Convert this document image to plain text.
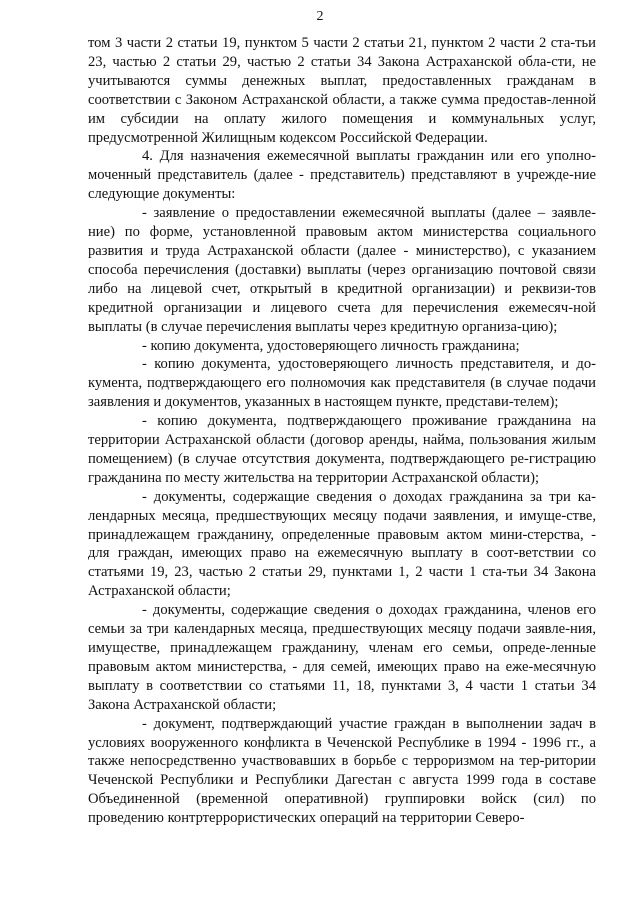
2

том 3 части 2 статьи 19, пунктом 5 части 2 статьи 21, пунктом 2 части 2 ста-тьи 23, частью 2 статьи 29, частью 2 статьи 34 Закона Астраханской обла-сти, не учитываются суммы денежных выплат, предоставленных гражданам в соответствии с Законом Астраханской области, а также сумма предостав-ленной им субсидии на оплату жилого помещения и коммунальных услуг, предусмотренной Жилищным кодексом Российской Федерации.

4. Для назначения ежемесячной выплаты гражданин или его уполно-моченный представитель (далее - представитель) представляют в учрежде-ние следующие документы:

- заявление о предоставлении ежемесячной выплаты (далее – заявле-ние) по форме, установленной правовым актом министерства социального развития и труда Астраханской области (далее - министерство), с указанием способа перечисления (доставки) выплаты (через организацию почтовой связи либо на лицевой счет, открытый в кредитной организации) и реквизи-тов кредитной организации и лицевого счета для перечисления ежемесяч-ной выплаты (в случае перечисления выплаты через кредитную организа-цию);

- копию документа, удостоверяющего личность гражданина;

- копию документа, удостоверяющего личность представителя, и до-кумента, подтверждающего его полномочия как представителя (в случае подачи заявления и документов, указанных в настоящем пункте, представи-телем);

- копию документа, подтверждающего проживание гражданина на территории Астраханской области (договор аренды, найма, пользования жилым помещением) (в случае отсутствия документа, подтверждающего ре-гистрацию гражданина по месту жительства на территории Астраханской области);

- документы, содержащие сведения о доходах гражданина за три ка-лендарных месяца, предшествующих месяцу подачи заявления, и имуще-стве, принадлежащем гражданину, определенные правовым актом мини-стерства, - для граждан, имеющих право на ежемесячную выплату в соот-ветствии со статьями 19, 23, частью 2 статьи 29, пунктами 1, 2 части 1 ста-тьи 34 Закона Астраханской области;

- документы, содержащие сведения о доходах гражданина, членов его семьи за три календарных месяца, предшествующих месяцу подачи заявле-ния, имуществе, принадлежащем гражданину, членам его семьи, опреде-ленные правовым актом министерства, - для семей, имеющих право на еже-месячную выплату в соответствии со статьями 11, 18, пунктами 3, 4 части 1 статьи 34 Закона Астраханской области;

- документ, подтверждающий участие граждан в выполнении задач в условиях вооруженного конфликта в Чеченской Республике в 1994 - 1996 гг., а также непосредственно участвовавших в борьбе с терроризмом на тер-ритории Чеченской Республики и Республики Дагестан с августа 1999 года в составе Объединенной (временной оперативной) группировки войск (сил) по проведению контртеррористических операций на территории Северо-
